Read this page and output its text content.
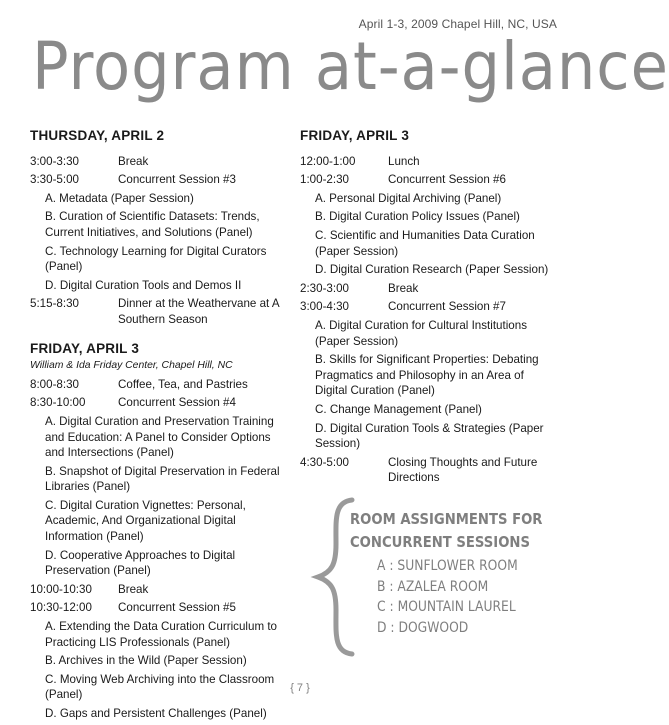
April 1-3, 2009 Chapel Hill, NC, USA
Program at-a-glance
THURSDAY, APRIL 2
3:00-3:30	Break
3:30-5:00	Concurrent Session #3
A. Metadata (Paper Session)
B. Curation of Scientific Datasets: Trends, Current Initiatives, and Solutions (Panel)
C. Technology Learning for Digital Curators (Panel)
D. Digital Curation Tools and Demos II
5:15-8:30	Dinner at the Weathervane at A Southern Season
FRIDAY, APRIL 3
William & Ida Friday Center, Chapel Hill, NC
8:00-8:30	Coffee, Tea, and Pastries
8:30-10:00	Concurrent Session #4
A. Digital Curation and Preservation Training and Education: A Panel to Consider Options and Intersections (Panel)
B. Snapshot of Digital Preservation in Federal Libraries (Panel)
C. Digital Curation Vignettes: Personal, Academic, And Organizational Digital Information (Panel)
D. Cooperative Approaches to Digital Preservation (Panel)
10:00-10:30	Break
10:30-12:00	Concurrent Session #5
A. Extending the Data Curation Curriculum to Practicing LIS Professionals (Panel)
B. Archives in the Wild (Paper Session)
C. Moving Web Archiving into the Classroom (Panel)
D. Gaps and Persistent Challenges (Panel)
FRIDAY, APRIL 3
12:00-1:00	Lunch
1:00-2:30	Concurrent Session #6
A. Personal Digital Archiving (Panel)
B. Digital Curation Policy Issues (Panel)
C. Scientific and Humanities Data Curation (Paper Session)
D. Digital Curation Research (Paper Session)
2:30-3:00	Break
3:00-4:30	Concurrent Session #7
A. Digital Curation for Cultural Institutions (Paper Session)
B. Skills for Significant Properties: Debating Pragmatics and Philosophy in an Area of Digital Curation (Panel)
C. Change Management (Panel)
D. Digital Curation Tools & Strategies (Paper Session)
4:30-5:00	Closing Thoughts and Future Directions
ROOM ASSIGNMENTS FOR
CONCURRENT SESSIONS
A : SUNFLOWER ROOM
B : AZALEA ROOM
C : MOUNTAIN LAUREL
D : DOGWOOD
{ 7 }
